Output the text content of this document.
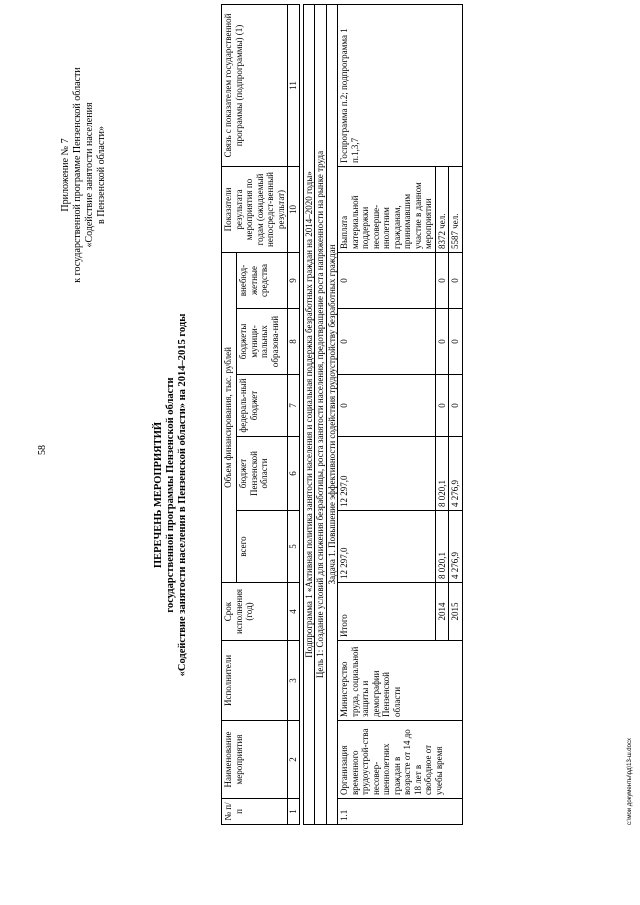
58
Приложение № 7 к государственной программе Пензенской области «Содействие занятости населения в Пензенской области»
ПЕРЕЧЕНЬ МЕРОПРИЯТИЙ государственной программы Пензенской области «Содействие занятости населения в Пензенской области» на 2014–2015 годы
№ п/п	Наименование мероприятия	Исполнители	Срок исполнения (год)	Объем финансирования, тыс. рублей					Показатели результата мероприятия по годам (ожидаемый непосредст-венный результат)	Связь с показателем государственной программы (подпрограммы) (1)
				всего	бюджет Пензенской области	федераль-ный бюджет	бюджеты муници-пальных образова-ний	внебюд-жетные средства		
1	2	3	4	5	6	7	8	9	10	11

Подпрограмма 1 «Активная политика занятости населения и социальная поддержка безработных граждан на 2014–2020 годы»										
Цель 1: Создание условий для снижения безработицы, роста занятости населения, предотвращение роста напряженности на рынке труда										
Задача 1. Повышение эффективности содействия трудоустройству безработных граждан										
1.1	Организация временного трудоустрой-ства несовер-шеннолетних граждан в возрасте от 14 до 18 лет в свободное от учебы время	Министерство труда, социальной защиты и демографии Пензенской области	Итого	12 297,0	12 297,0	0	0	0	Выплата материальной поддержки несоверше-ннолетним гражданам, принимавшим участие в данном мероприятии	Госпрограмма п.2; подпрограмма 1 п.1,3,7
			2014	8 020,1	8 020,1	0	0	0	8372 чел.	
			2015	4 276,9	4 276,9	0	0	0	5587 чел.	
c:\мои документы\рд\13-ш.docx
